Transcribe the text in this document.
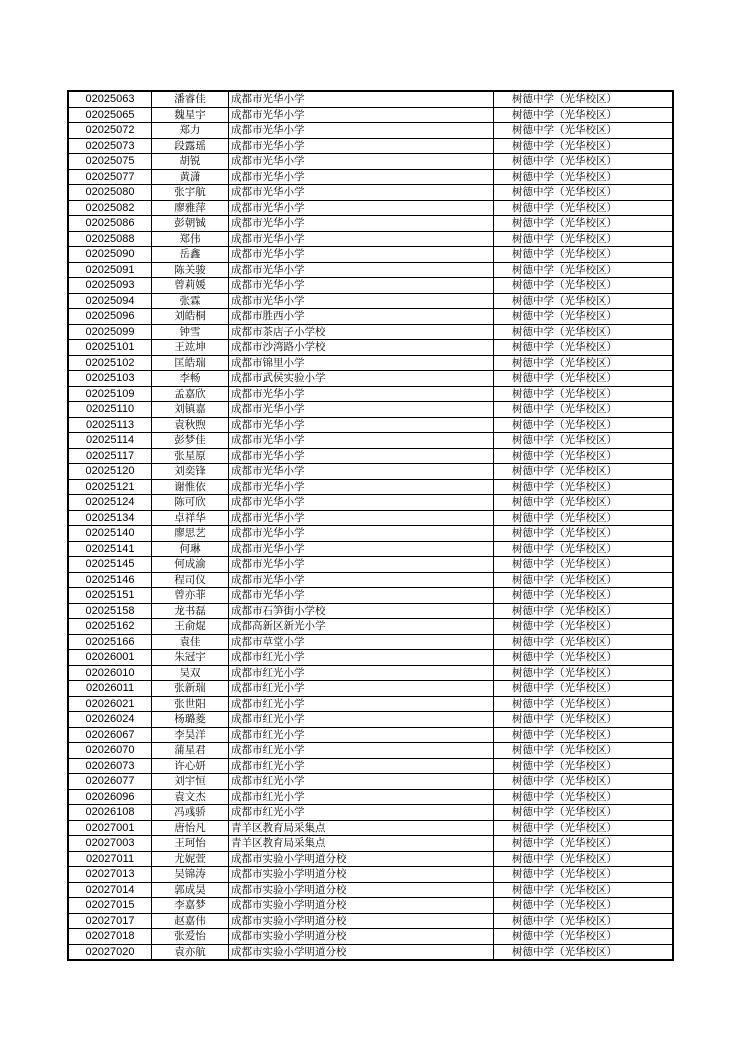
02025063	潘睿佳	成都市光华小学	树德中学（光华校区）
02025065	魏星宇	成都市光华小学	树德中学（光华校区）
02025072	郑力	成都市光华小学	树德中学（光华校区）
02025073	段露瑶	成都市光华小学	树德中学（光华校区）
02025075	胡锐	成都市光华小学	树德中学（光华校区）
02025077	黄潇	成都市光华小学	树德中学（光华校区）
02025080	张宇航	成都市光华小学	树德中学（光华校区）
02025082	廖雅萍	成都市光华小学	树德中学（光华校区）
02025086	彭朝铖	成都市光华小学	树德中学（光华校区）
02025088	郑伟	成都市光华小学	树德中学（光华校区）
02025090	岳鑫	成都市光华小学	树德中学（光华校区）
02025091	陈关骏	成都市光华小学	树德中学（光华校区）
02025093	曾莉媛	成都市光华小学	树德中学（光华校区）
02025094	张霖	成都市光华小学	树德中学（光华校区）
02025096	刘皓桐	成都市胜西小学	树德中学（光华校区）
02025099	钟雪	成都市茶店子小学校	树德中学（光华校区）
02025101	王竑坤	成都市沙湾路小学校	树德中学（光华校区）
02025102	匡皓瑞	成都市锦里小学	树德中学（光华校区）
02025103	李畅	成都市武侯实验小学	树德中学（光华校区）
02025109	孟嘉欣	成都市光华小学	树德中学（光华校区）
02025110	刘镇嘉	成都市光华小学	树德中学（光华校区）
02025113	袁秋煦	成都市光华小学	树德中学（光华校区）
02025114	彭梦佳	成都市光华小学	树德中学（光华校区）
02025117	张星原	成都市光华小学	树德中学（光华校区）
02025120	刘奕锋	成都市光华小学	树德中学（光华校区）
02025121	谢惟依	成都市光华小学	树德中学（光华校区）
02025124	陈可欣	成都市光华小学	树德中学（光华校区）
02025134	卓祥华	成都市光华小学	树德中学（光华校区）
02025140	廖思艺	成都市光华小学	树德中学（光华校区）
02025141	何琳	成都市光华小学	树德中学（光华校区）
02025145	何成渝	成都市光华小学	树德中学（光华校区）
02025146	程司仪	成都市光华小学	树德中学（光华校区）
02025151	曾亦菲	成都市光华小学	树德中学（光华校区）
02025158	龙书磊	成都市石笋街小学校	树德中学（光华校区）
02025162	王俞焜	成都高新区新光小学	树德中学（光华校区）
02025166	袁佳	成都市草堂小学	树德中学（光华校区）
02026001	朱冠宇	成都市红光小学	树德中学（光华校区）
02026010	吴双	成都市红光小学	树德中学（光华校区）
02026011	张新瑞	成都市红光小学	树德中学（光华校区）
02026021	张世阳	成都市红光小学	树德中学（光华校区）
02026024	杨璐菱	成都市红光小学	树德中学（光华校区）
02026067	李昊洋	成都市红光小学	树德中学（光华校区）
02026070	蒲星君	成都市红光小学	树德中学（光华校区）
02026073	许心妍	成都市红光小学	树德中学（光华校区）
02026077	刘宇恒	成都市红光小学	树德中学（光华校区）
02026096	袁文杰	成都市红光小学	树德中学（光华校区）
02026108	冯彧骄	成都市红光小学	树德中学（光华校区）
02027001	唐怡凡	青羊区教育局采集点	树德中学（光华校区）
02027003	王珂怡	青羊区教育局采集点	树德中学（光华校区）
02027011	尤妮萱	成都市实验小学明道分校	树德中学（光华校区）
02027013	吴锦涛	成都市实验小学明道分校	树德中学（光华校区）
02027014	郭成昊	成都市实验小学明道分校	树德中学（光华校区）
02027015	李嘉梦	成都市实验小学明道分校	树德中学（光华校区）
02027017	赵嘉伟	成都市实验小学明道分校	树德中学（光华校区）
02027018	张爱怡	成都市实验小学明道分校	树德中学（光华校区）
02027020	袁亦航	成都市实验小学明道分校	树德中学（光华校区）
